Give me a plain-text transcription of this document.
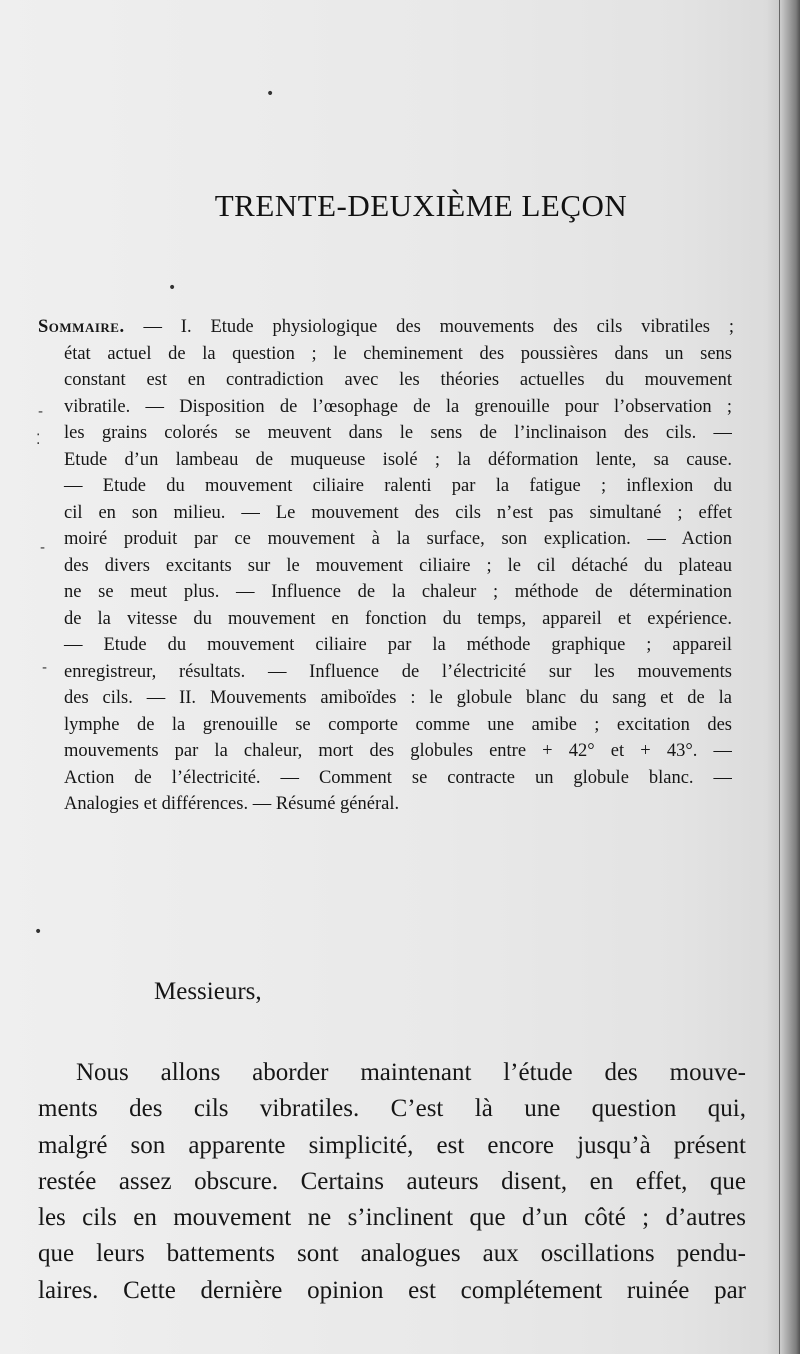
•
•
-
⁚
-
-
•
TRENTE-DEUXIÈME LEÇON
Sommaire. — I. Etude physiologique des mouvements des cils vibratiles ;
état actuel de la question ; le cheminement des poussières dans un sens
constant est en contradiction avec les théories actuelles du mouvement
vibratile. — Disposition de l’œsophage de la grenouille pour l’observation ;
les grains colorés se meuvent dans le sens de l’inclinaison des cils. —
Etude d’un lambeau de muqueuse isolé ; la déformation lente, sa cause.
— Etude du mouvement ciliaire ralenti par la fatigue ; inflexion du
cil en son milieu. — Le mouvement des cils n’est pas simultané ; effet
moiré produit par ce mouvement à la surface, son explication. — Action
des divers excitants sur le mouvement ciliaire ; le cil détaché du plateau
ne se meut plus. — Influence de la chaleur ; méthode de détermination
de la vitesse du mouvement en fonction du temps, appareil et expérience.
— Etude du mouvement ciliaire par la méthode graphique ; appareil
enregistreur, résultats. — Influence de l’électricité sur les mouvements
des cils. — II. Mouvements amiboïdes : le globule blanc du sang et de la
lymphe de la grenouille se comporte comme une amibe ; excitation des
mouvements par la chaleur, mort des globules entre + 42° et + 43°. —
Action de l’électricité. — Comment se contracte un globule blanc. —
Analogies et différences. — Résumé général.
Messieurs,
Nous allons aborder maintenant l’étude des mouve-
ments des cils vibratiles. C’est là une question qui,
malgré son apparente simplicité, est encore jusqu’à présent
restée assez obscure. Certains auteurs disent, en effet, que
les cils en mouvement ne s’inclinent que d’un côté ; d’autres
que leurs battements sont analogues aux oscillations pendu-
laires. Cette dernière opinion est complétement ruinée par
